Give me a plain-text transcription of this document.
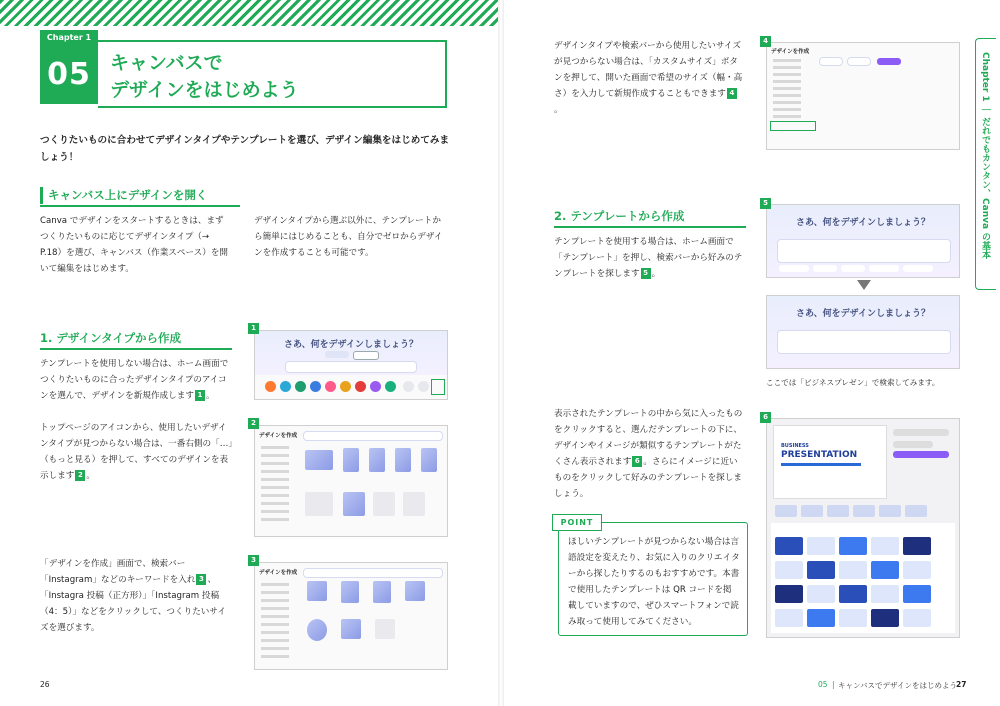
Chapter 1
05	キャンバスで
デザインをはじめよう
つくりたいものに合わせてデザインタイプやテンプレートを選び、デザイン編集をはじめてみましょう！
キャンバス上にデザインを開く
Canva でデザインをスタートするときは、まずつくりたいものに応じてデザインタイプ（→ P.18）を選び、キャンバス（作業スペース）を開いて編集をはじめます。
デザインタイプから選ぶ以外に、テンプレートから簡単にはじめることも、自分でゼロからデザインを作成することも可能です。
1. デザインタイプから作成
テンプレートを使用しない場合は、ホーム画面でつくりたいものに合ったデザインタイプのアイコンを選んで、デザインを新規作成します 1 。
トップページのアイコンから、使用したいデザインタイプが見つからない場合は、一番右側の「…」（もっと見る）を押して、すべてのデザインを表示します 2 。
「デザインを作成」画面で、検索バー「Instagram」などのキーワードを入れ 3 、「Instagra 投稿（正方形）」「Instagram 投稿（4：5）」などをクリックして、つくりたいサイズを選びます。
さあ、何をデザインしましょう？
1
デザインを作成
2
デザインを作成
3
デザインタイプや検索バーから使用したいサイズが見つからない場合は、「カスタムサイズ」ボタンを押して、開いた画面で希望のサイズ（幅・高さ）を入力して新規作成することもできます 4。
デザインを作成
4
2. テンプレートから作成
テンプレートを使用する場合は、ホーム画面で「テンプレート」を押し、検索バーから好みのテンプレートを探します 5 。
さあ、何をデザインしましょう？
5
さあ、何をデザインしましょう？
ここでは「ビジネスプレゼン」で検索してみます。
表示されたテンプレートの中から気に入ったものをクリックすると、選んだテンプレートの下に、デザインやイメージが類似するテンプレートがたくさん表示されます 6 。さらにイメージに近いものをクリックして好みのテンプレートを探しましょう。
BUSINESS
PRESENTATION
6
POINT
ほしいテンプレートが見つからない場合は言語設定を変えたり、お気に入りのクリエイターから探したりするのもおすすめです。本書で使用したテンプレートは QR コードを掲載していますので、ぜひスマートフォンで読み取って使用してみてください。
Chapter 1 ｜ だれでもカンタン、Canva の基本
26	05 | キャンバスでデザインをはじめよう 27
